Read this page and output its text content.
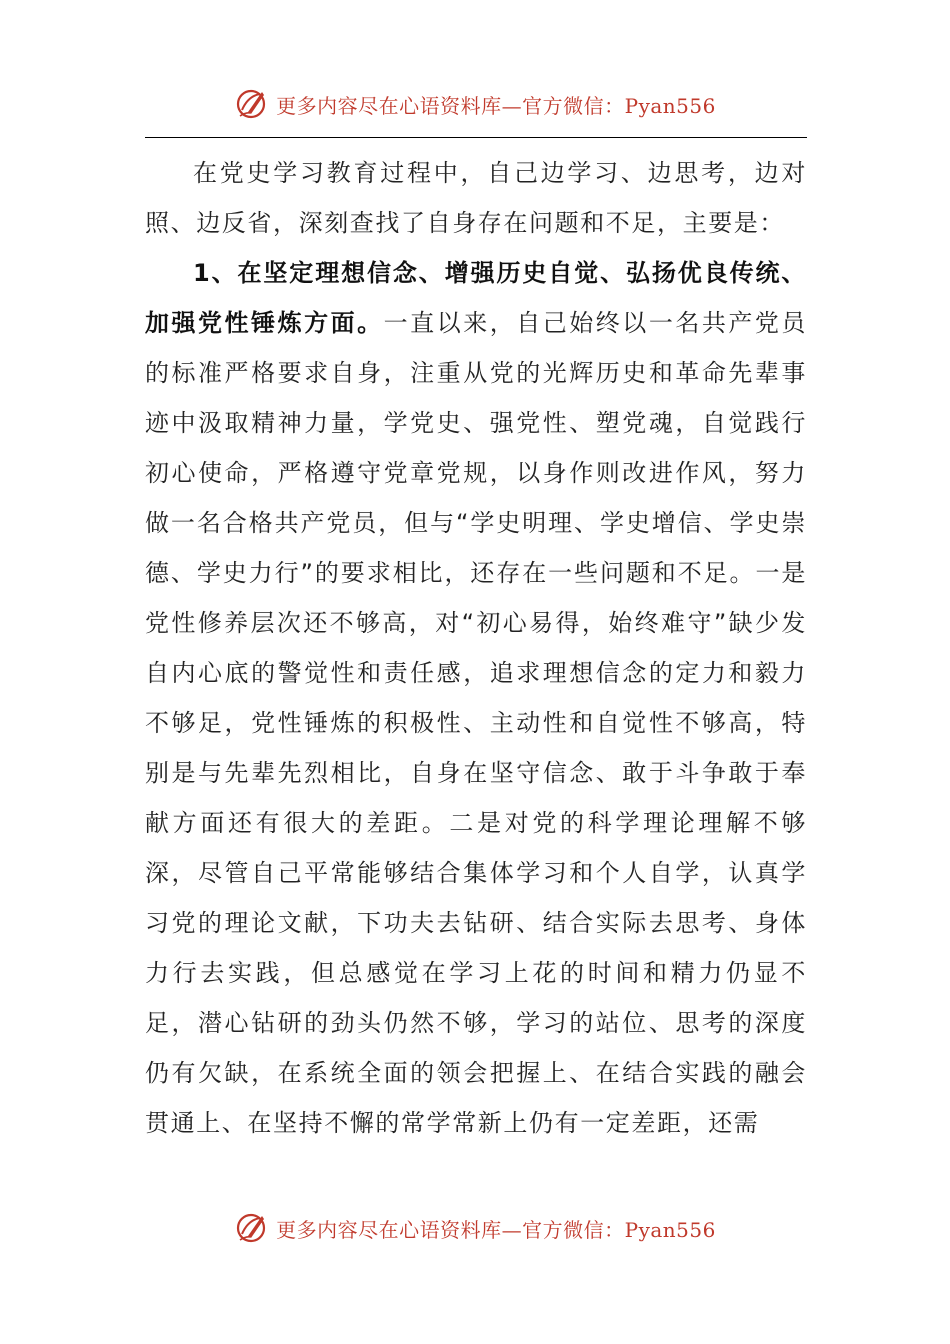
更多内容尽在心语资料库—官方微信：Pyan556

在党史学习教育过程中，自己边学习、边思考，边对照、边反省，深刻查找了自身存在问题和不足，主要是：

1、在坚定理想信念、增强历史自觉、弘扬优良传统、加强党性锤炼方面。一直以来，自己始终以一名共产党员的标准严格要求自身，注重从党的光辉历史和革命先辈事迹中汲取精神力量，学党史、强党性、塑党魂，自觉践行初心使命，严格遵守党章党规，以身作则改进作风，努力做一名合格共产党员，但与“学史明理、学史增信、学史崇德、学史力行”的要求相比，还存在一些问题和不足。一是党性修养层次还不够高，对“初心易得，始终难守”缺少发自内心底的警觉性和责任感，追求理想信念的定力和毅力不够足，党性锤炼的积极性、主动性和自觉性不够高，特别是与先辈先烈相比，自身在坚守信念、敢于斗争敢于奉献方面还有很大的差距。二是对党的科学理论理解不够深，尽管自己平常能够结合集体学习和个人自学，认真学习党的理论文献，下功夫去钻研、结合实际去思考、身体力行去实践，但总感觉在学习上花的时间和精力仍显不足，潜心钻研的劲头仍然不够，学习的站位、思考的深度仍有欠缺，在系统全面的领会把握上、在结合实践的融会贯通上、在坚持不懈的常学常新上仍有一定差距，还需

更多内容尽在心语资料库—官方微信：Pyan556
